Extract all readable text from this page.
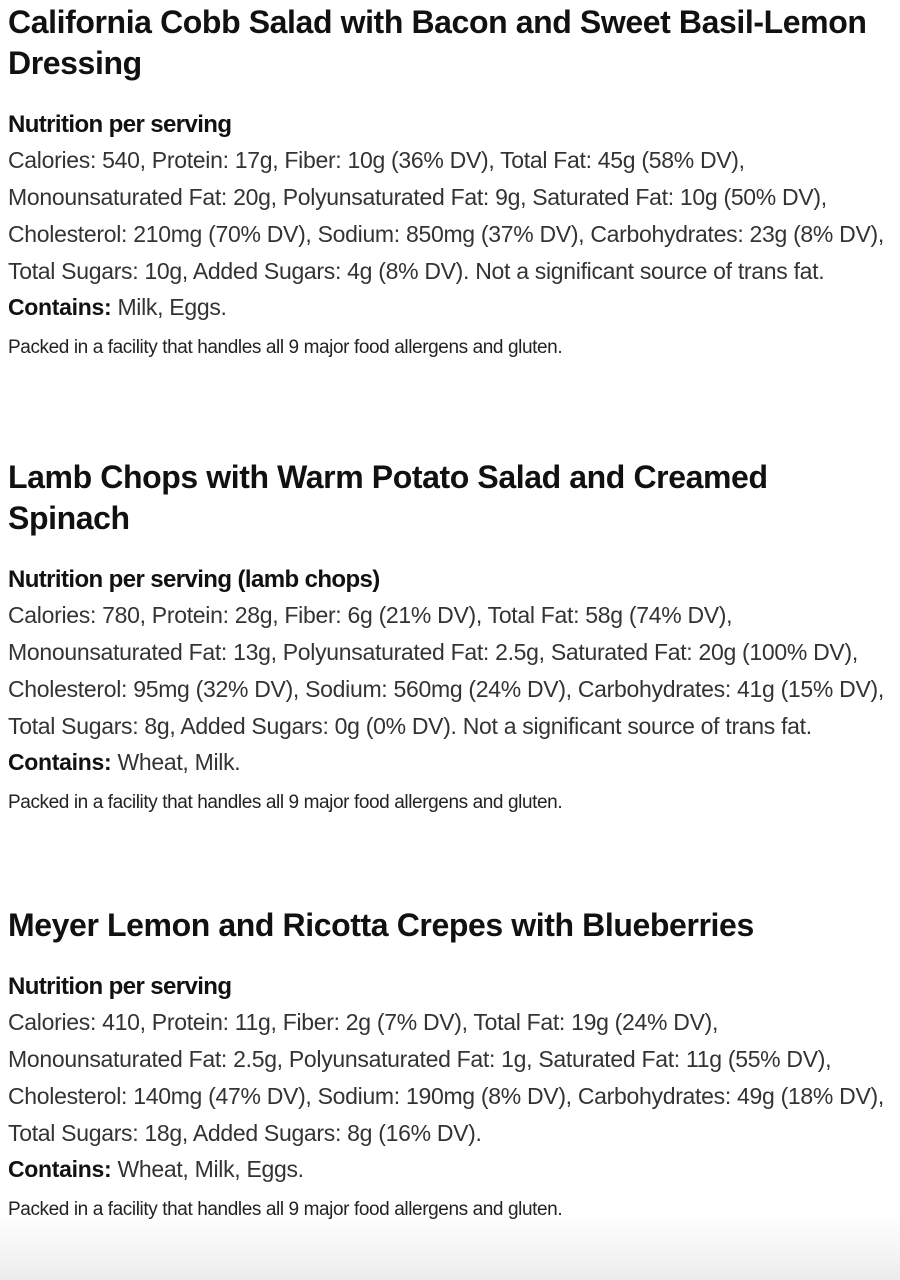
California Cobb Salad with Bacon and Sweet Basil-Lemon Dressing
Nutrition per serving

Calories: 540, Protein: 17g, Fiber: 10g (36% DV), Total Fat: 45g (58% DV), Monounsaturated Fat: 20g, Polyunsaturated Fat: 9g, Saturated Fat: 10g (50% DV), Cholesterol: 210mg (70% DV), Sodium: 850mg (37% DV), Carbohydrates: 23g (8% DV), Total Sugars: 10g, Added Sugars: 4g (8% DV). Not a significant source of trans fat.

Contains: Milk, Eggs.

Packed in a facility that handles all 9 major food allergens and gluten.

Lamb Chops with Warm Potato Salad and Creamed Spinach
Nutrition per serving (lamb chops)

Calories: 780, Protein: 28g, Fiber: 6g (21% DV), Total Fat: 58g (74% DV), Monounsaturated Fat: 13g, Polyunsaturated Fat: 2.5g, Saturated Fat: 20g (100% DV), Cholesterol: 95mg (32% DV), Sodium: 560mg (24% DV), Carbohydrates: 41g (15% DV), Total Sugars: 8g, Added Sugars: 0g (0% DV). Not a significant source of trans fat.

Contains: Wheat, Milk.

Packed in a facility that handles all 9 major food allergens and gluten.

Meyer Lemon and Ricotta Crepes with Blueberries
Nutrition per serving

Calories: 410, Protein: 11g, Fiber: 2g (7% DV), Total Fat: 19g (24% DV), Monounsaturated Fat: 2.5g, Polyunsaturated Fat: 1g, Saturated Fat: 11g (55% DV), Cholesterol: 140mg (47% DV), Sodium: 190mg (8% DV), Carbohydrates: 49g (18% DV), Total Sugars: 18g, Added Sugars: 8g (16% DV).

Contains: Wheat, Milk, Eggs.

Packed in a facility that handles all 9 major food allergens and gluten.
